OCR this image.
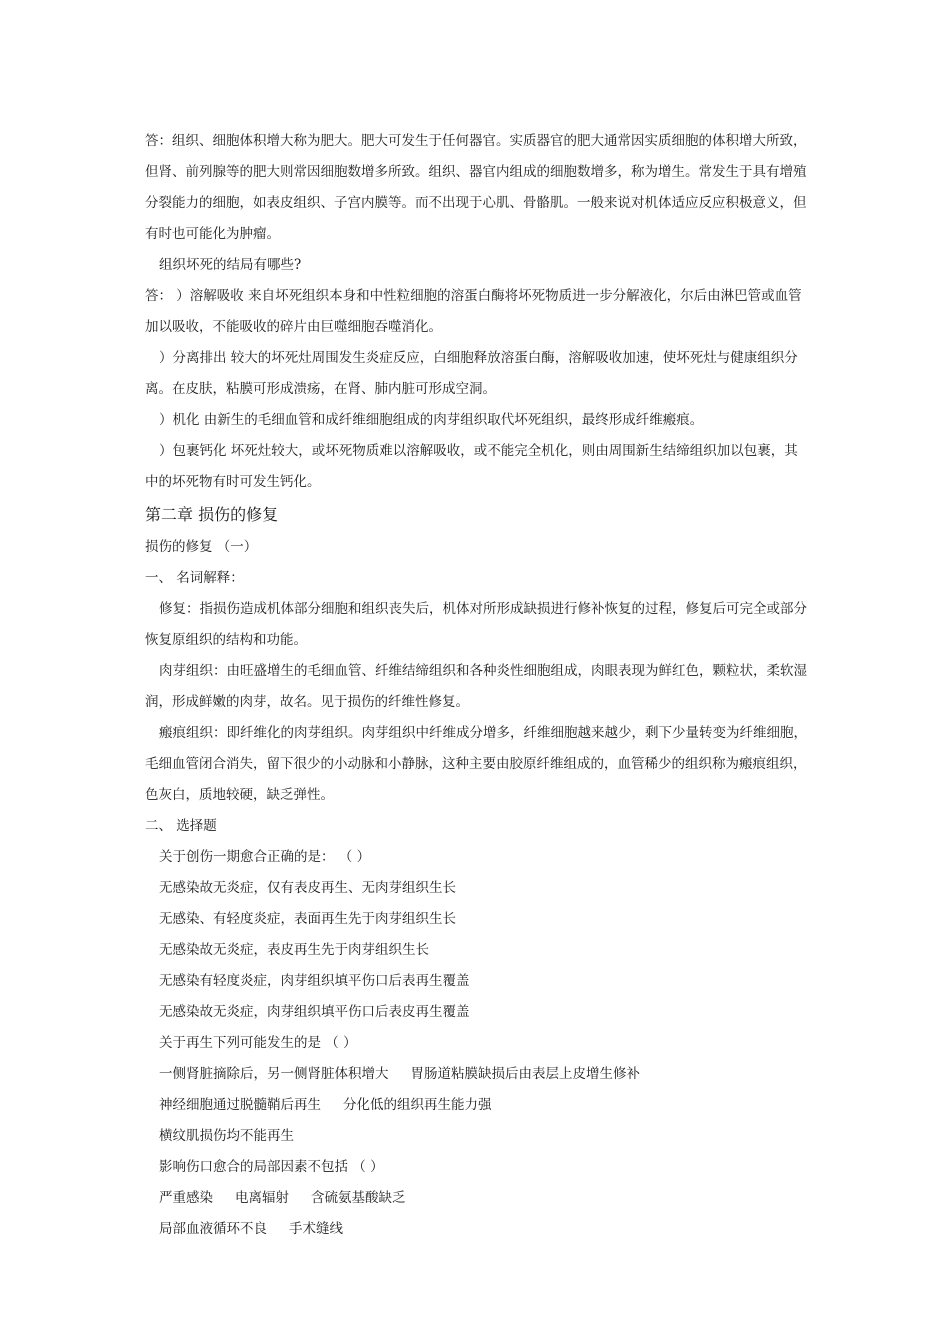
答：组织、细胞体积增大称为肥大。肥大可发生于任何器官。实质器官的肥大通常因实质细胞的体积增大所致，但肾、前列腺等的肥大则常因细胞数增多所致。组织、器官内组成的细胞数增多，称为增生。常发生于具有增殖分裂能力的细胞，如表皮组织、子宫内膜等。而不出现于心肌、骨骼肌。一般来说对机体适应反应积极意义，但有时也可能化为肿瘤。

组织坏死的结局有哪些?

答： ）溶解吸收 来自坏死组织本身和中性粒细胞的溶蛋白酶将坏死物质进一步分解液化，尔后由淋巴管或血管加以吸收，不能吸收的碎片由巨噬细胞吞噬消化。

）分离排出 较大的坏死灶周围发生炎症反应，白细胞释放溶蛋白酶，溶解吸收加速，使坏死灶与健康组织分离。在皮肤，粘膜可形成溃疡，在肾、肺内脏可形成空洞。

）机化 由新生的毛细血管和成纤维细胞组成的肉芽组织取代坏死组织，最终形成纤维瘢痕。

）包裹钙化 坏死灶较大，或坏死物质难以溶解吸收，或不能完全机化，则由周围新生结缔组织加以包裹，其中的坏死物有时可发生钙化。

第二章 损伤的修复

损伤的修复 （一）

一、 名词解释：

修复：指损伤造成机体部分细胞和组织丧失后，机体对所形成缺损进行修补恢复的过程，修复后可完全或部分恢复原组织的结构和功能。

肉芽组织：由旺盛增生的毛细血管、纤维结缔组织和各种炎性细胞组成，肉眼表现为鲜红色，颗粒状，柔软湿润，形成鲜嫩的肉芽，故名。见于损伤的纤维性修复。

瘢痕组织：即纤维化的肉芽组织。肉芽组织中纤维成分增多，纤维细胞越来越少，剩下少量转变为纤维细胞，毛细血管闭合消失，留下很少的小动脉和小静脉，这种主要由胶原纤维组成的，血管稀少的组织称为瘢痕组织，色灰白，质地较硬，缺乏弹性。

二、 选择题

关于创伤一期愈合正确的是： （ ）

无感染故无炎症，仅有表皮再生、无肉芽组织生长

无感染、有轻度炎症，表面再生先于肉芽组织生长

无感染故无炎症，表皮再生先于肉芽组织生长

无感染有轻度炎症，肉芽组织填平伤口后表再生覆盖

无感染故无炎症，肉芽组织填平伤口后表皮再生覆盖

关于再生下列可能发生的是 （ ）

一侧肾脏摘除后，另一侧肾脏体积增大 胃肠道粘膜缺损后由表层上皮增生修补

神经细胞通过脱髓鞘后再生 分化低的组织再生能力强

横纹肌损伤均不能再生

影响伤口愈合的局部因素不包括 （ ）

严重感染 电离辐射 含硫氨基酸缺乏

局部血液循环不良 手术缝线
